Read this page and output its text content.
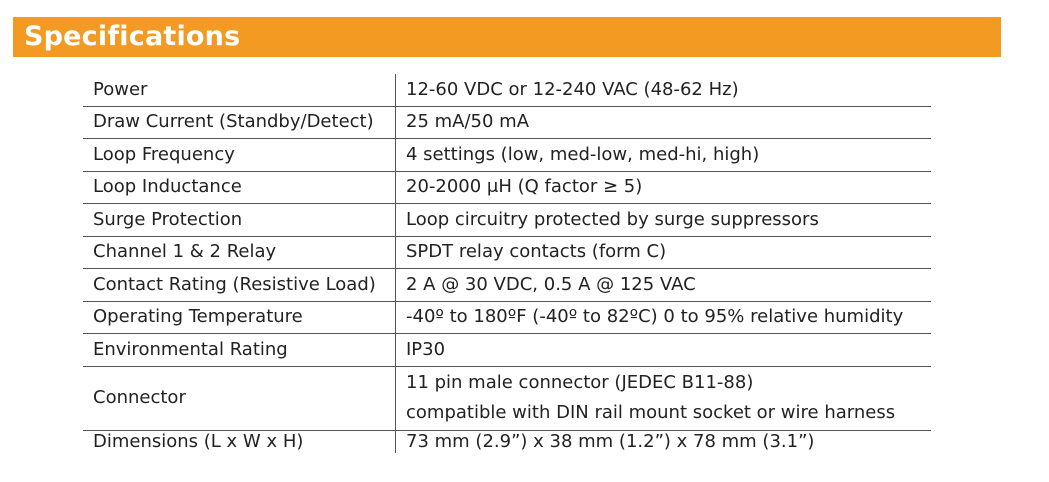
Specifications
Power	12-60 VDC or 12-240 VAC (48-62 Hz)
Draw Current (Standby/Detect)	25 mA/50 mA
Loop Frequency	4 settings (low, med-low, med-hi, high)
Loop Inductance	20-2000 μH (Q factor ≥ 5)
Surge Protection	Loop circuitry protected by surge suppressors
Channel 1 & 2 Relay	SPDT relay contacts (form C)
Contact Rating (Resistive Load)	2 A @ 30 VDC, 0.5 A @ 125 VAC
Operating Temperature	-40º to 180ºF (-40º to 82ºC) 0 to 95% relative humidity
Environmental Rating	IP30
Connector	11 pin male connector (JEDEC B11-88)
compatible with DIN rail mount socket or wire harness

Dimensions (L x W x H)	73 mm (2.9”) x 38 mm (1.2”) x 78 mm (3.1”)
